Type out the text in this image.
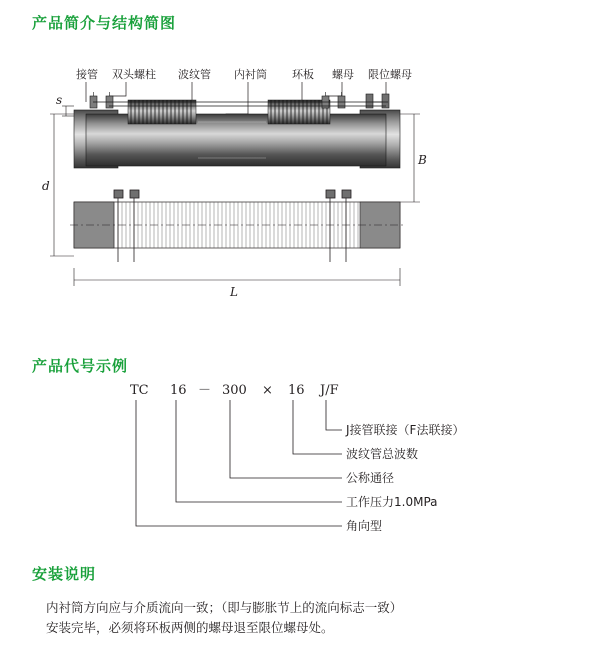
产品简介与结构简图
接管 双头螺柱 波纹管 内衬筒 环板 螺母 限位螺母
s
d
B
L
产品代号示例
TC 16 － 300 × 16 J/F
J接管联接（F法联接）
波纹管总波数
公称通径
工作压力1.0MPa
角向型
安装说明
内衬筒方向应与介质流向一致；（即与膨胀节上的流向标志一致）
安装完毕，必须将环板两侧的螺母退至限位螺母处。
